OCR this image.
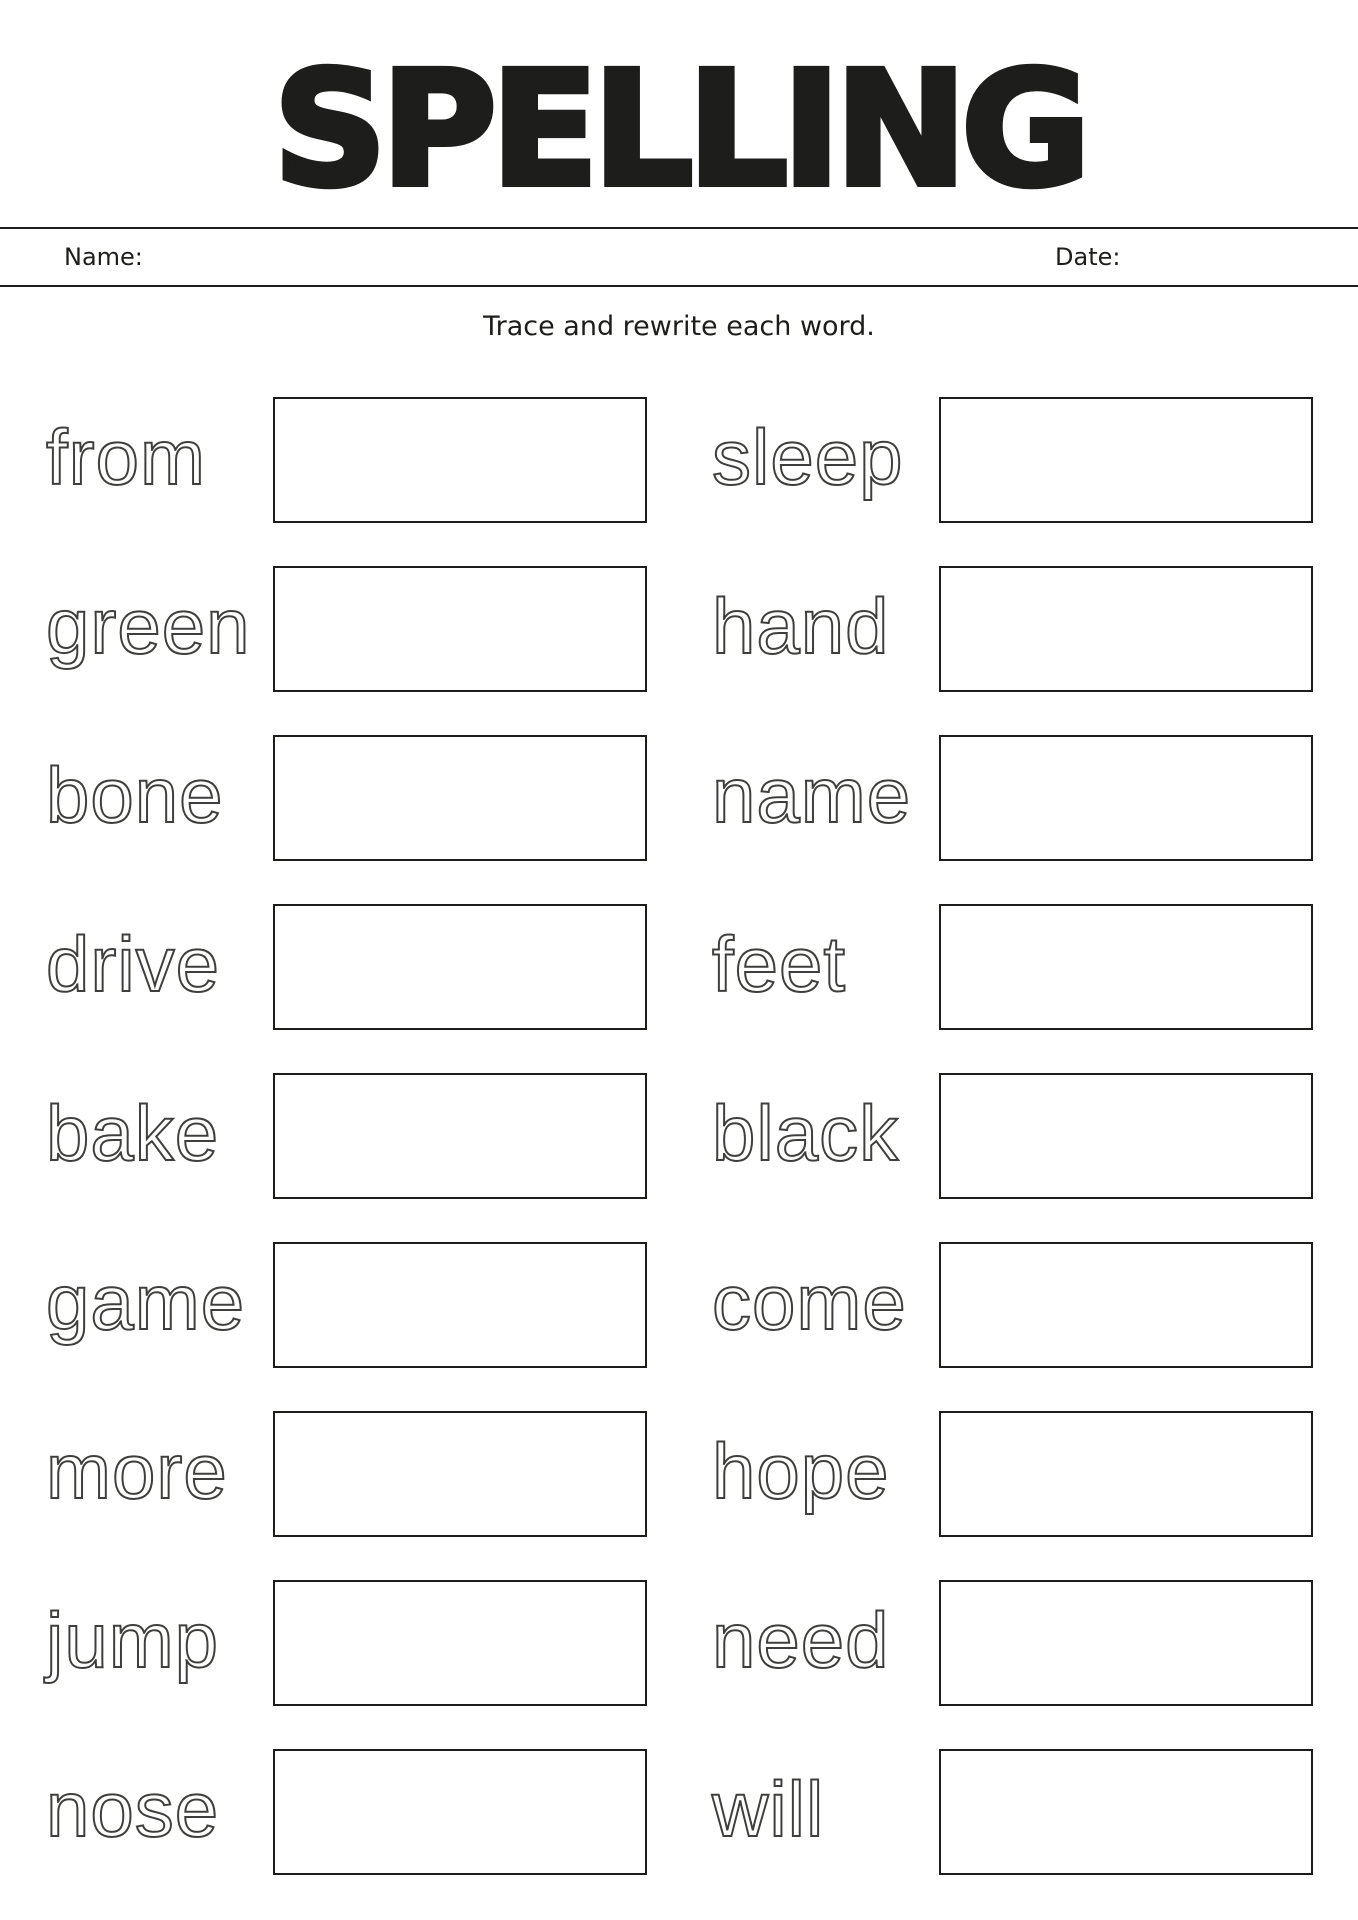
SPELLING
Name:	Date:
Trace and rewrite each word.
from	sleep
green	hand
bone	name
drive	feet
bake	black
game	come
more	hope
jump	need
nose	will
